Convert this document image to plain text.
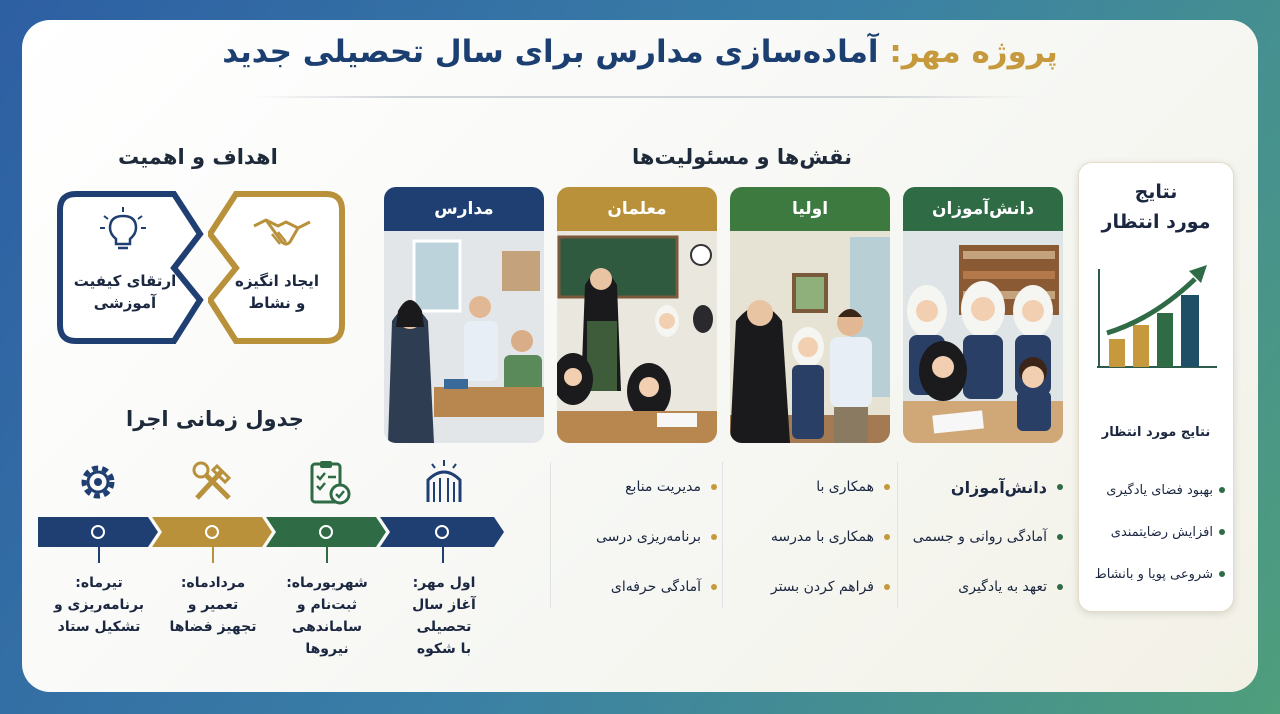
پروژه مهر: آماده‌سازی مدارس برای سال تحصیلی جدید
نقش‌ها و مسئولیت‌ها
اهداف و اهمیت
جدول زمانی اجرا
نتایج
مورد انتظار
نتایج مورد انتظار
بهبود فضای یادگیری
افزایش رضایتمندی
شروعی پویا و بانشاط
دانش‌آموزان
اولیا
معلمان
مدارس
دانش‌آموزان
آمادگی روانی و جسمی
تعهد به یادگیری
همکاری با
همکاری با مدرسه
فراهم کردن بستر
مدیریت منابع
برنامه‌ریزی درسی
آمادگی حرفه‌ای
ایجاد انگیزه
و نشاط
ارتقای کیفیت
آموزشی
اول مهر:
آغاز سال تحصیلی
با شکوه
شهریورماه:
ثبت‌نام و
ساماندهی نیروها
مردادماه:
تعمیر و
تجهیز فضاها
تیرماه:
برنامه‌ریزی و
تشکیل ستاد
